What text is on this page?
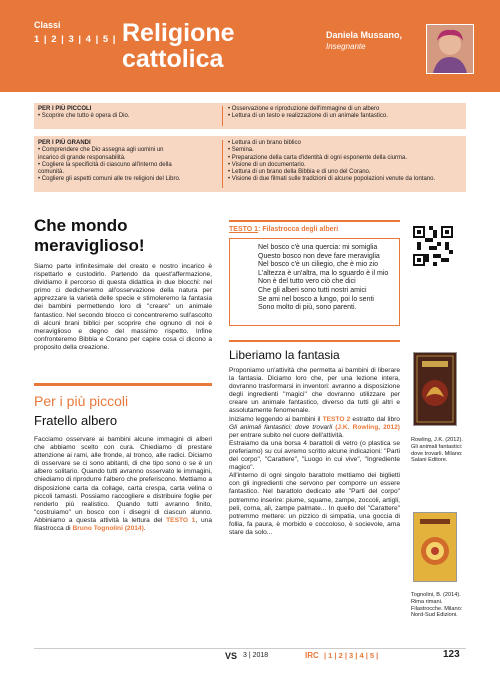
Classi
1 | 2 | 3 | 4 | 5 | Religione
cattolica
Daniela Mussano,
Insegnante
PER I PIÙ PICCOLI
• Scoprire che tutto è opera di Dio.
• Osservazione e riproduzione dell'immagine di un albero
• Lettura di un testo e realizzazione di un animale fantastico.
PER I PIÙ GRANDI
• Comprendere che Dio assegna agli uomini un
incarico di grande responsabilità.
• Cogliere la specificità di ciascuno all'interno della
comunità.
• Cogliere gli aspetti comuni alle tre religioni del Libro.
• Lettura di un brano biblico
• Semina.
• Preparazione della carta d'identità di ogni esponente della ciurma.
• Visione di un documentario.
• Lettura di un brano della Bibbia e di uno del Corano.
• Visione di due filmati sulle tradizioni di alcune popolazioni venute da lontano.
Che mondo
meraviglioso!
Siamo parte infinitesimale del creato e nostro incarico è rispettarlo e custodirlo. Partendo da quest'affermazione, dividiamo il percorso di questa didattica in due blocchi: nel primo ci dedicheremo all'osservazione della natura per apprezzare la varietà delle specie e stimoleremo la fantasia dei bambini permettendo loro di "creare" un animale fantastico. Nel secondo blocco ci concentreremo sull'ascolto di alcuni brani biblici per scoprire che ognuno di noi è meraviglioso e degno del massimo rispetto. Infine confronteremo Bibbia e Corano per capire cosa ci dicono a proposito della creazione.
Per i più piccoli
Fratello albero
Facciamo osservare ai bambini alcune immagini di alberi che abbiamo scelto con cura. Chiediamo di prestare attenzione ai rami, alle fronde, al tronco, alle radici. Diciamo di osservare se ci sono abitanti, di che tipo sono o se è un albero solitario. Quando tutti avranno osservato le immagini, chiediamo di riprodurre l'albero che preferiscono. Mettiamo a disposizione carta da collage, carta crespa, carta velina o piccoli tamasti. Possiamo raccogliere e distribuire foglie per renderlo più realistico. Quando tutti avranno finito, "costruiamo" un bosco con i disegni di ciascun alunno. Abbiniamo a questa attività la lettura del TESTO 1, una filastrocca di Bruno Tognolini (2014).
TESTO 1: Filastrocca degli alberi
Nel bosco c'è una quercia: mi somiglia
Questo bosco non deve fare meraviglia
Nel bosco c'è un ciliegio, che è mio zio
L'altezza è un'altra, ma lo sguardo è il mio
Non è del tutto vero ciò che dici
Che gli alberi sono tutti nostri amici
Se ami nel bosco a lungo, poi lo senti
Sono molto di più, sono parenti.
Liberiamo la fantasia
Proponiamo un'attività che permetta ai bambini di liberare la fantasia. Diciamo loro che, per una lezione intera, dovranno trasformarsi in inventori: avranno a disposizione degli ingredienti "magici" che dovranno utilizzare per creare un animale fantastico, diverso da tutti gli altri e assolutamente fenomenale.
Iniziamo leggendo ai bambini il TESTO 2 estratto dal libro Gli animali fantastici: dove trovarli (J.K. Rowling, 2012) per entrare subito nel cuore dell'attività.
Estraiamo da una borsa 4 barattoli di vetro (o plastica se preferiamo) su cui avremo scritto alcune indicazioni: "Parti del corpo", "Carattere", "Luogo in cui vive", "Ingrediente magico".
All'interno di ogni singolo barattolo mettiamo dei biglietti con gli ingredienti che servono per comporre un essere fantastico. Nel barattolo dedicato alle "Parti del corpo" potremmo inserire: piume, squame, zampe, zoccoli, artigli, peli, corna, ali, zampe palmate... In quello del "Carattere" potremmo mettere: un pizzico di simpatia, una goccia di follia, fa paura, è morbido e coccoloso, è socievole, ama stare da solo...
Rowling, J.K. (2012). Gli animali fantastici: dove trovarli. Milano: Salani Editore.
Tognolini, B. (2014). Rima rimani. Filastrocche. Milano: Nord-Sud Edizioni.
VS 3 | 2018	IRC | 1 | 2 | 3 | 4 | 5 |	123
